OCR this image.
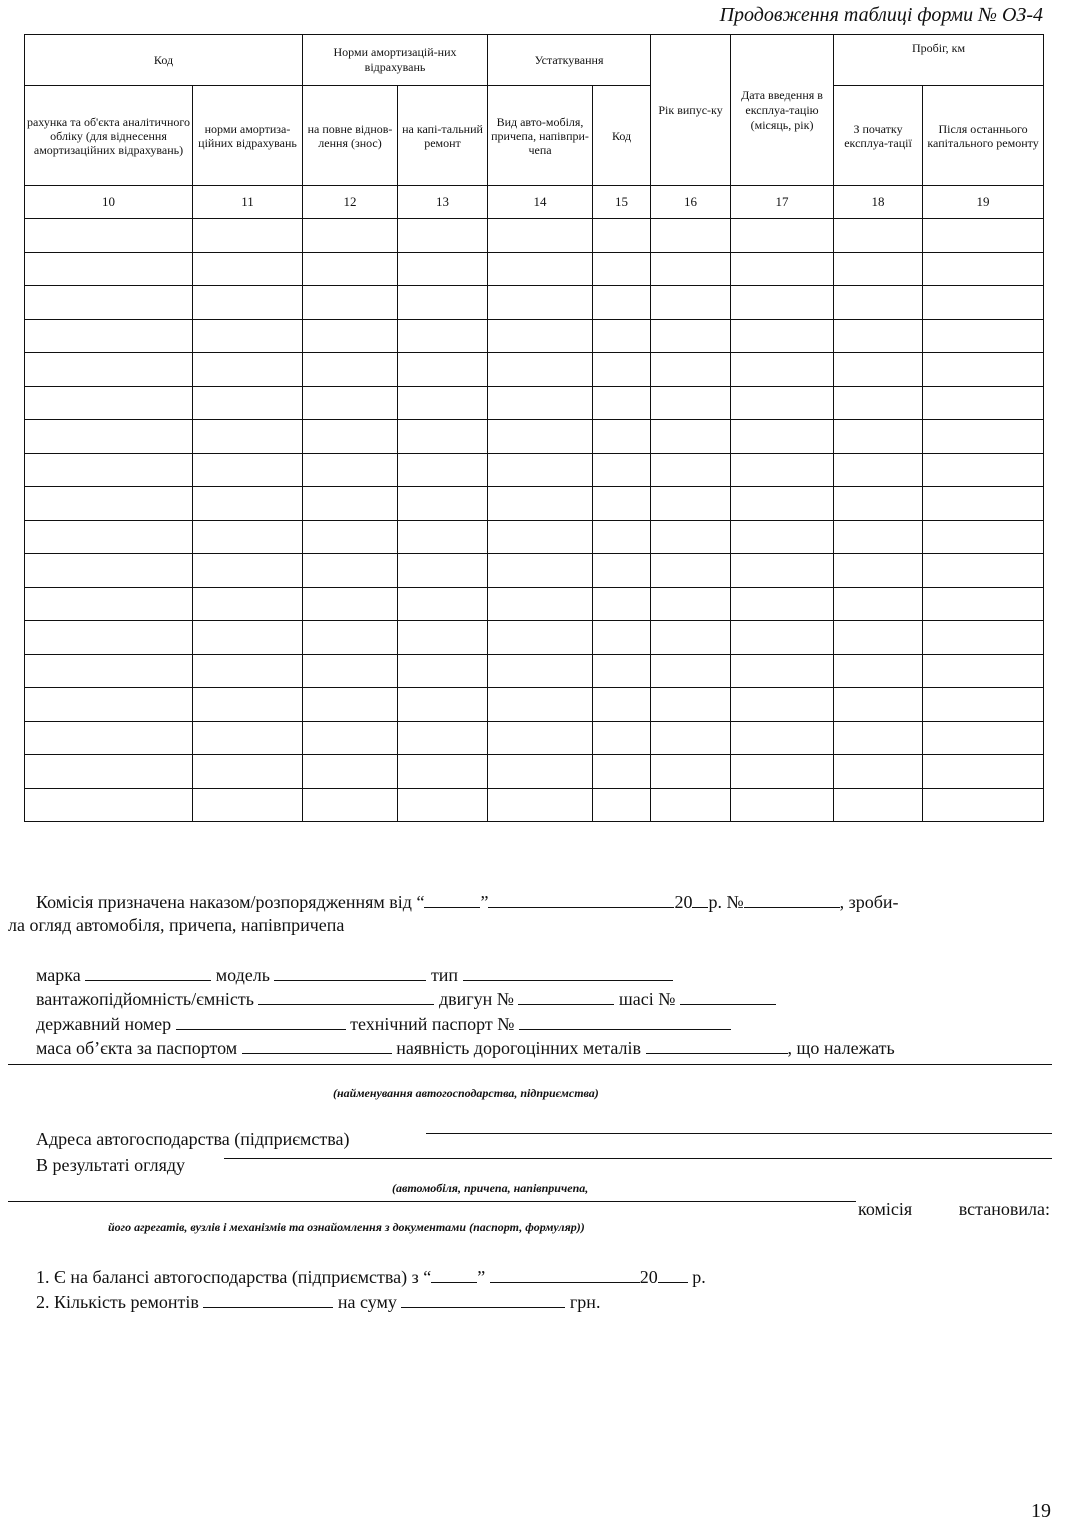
Продовження таблиці форми № ОЗ-4
Код		Норми амортизацій-них відрахувань		Устаткування		Рік випус-ку	Дата введення в експлуа-тацію (місяць, рік)	Пробіг, км	
рахунка та об'єкта аналітичного обліку (для віднесення амортизаційних відрахувань)	норми амортиза-ційних відрахувань	на повне віднов-лення (знос)	на капі-тальний ремонт	Вид авто-мобіля, причепа, напівпри-чепа	Код			З початку експлуа-тації	Після останнього капітального ремонту
10	11	12	13	14	15	16	17	18	19

Комісія призначена наказом/розпорядженням від “	”	20 р. №	, зроби-
ла огляд автомобіля, причепа, напівпричепа
марка	модель	тип
вантажопідйомність/ємність	двигун №	шасі №
державний номер	технічний паспорт №
маса об’єкта за паспортом	наявність дорогоцінних металів	, що належать
(найменування автогосподарства, підприємства)
Адреса автогосподарства (підприємства)
В результаті огляду
(автомобіля, причепа, напівпричепа,
комісія встановила:
його агрегатів, вузлів і механізмів та ознайомлення з документами (паспорт, формуляр))
1. Є на балансі автогосподарства (підприємства) з “	”	20 р.
2. Кількість ремонтів	на суму	грн.
19
